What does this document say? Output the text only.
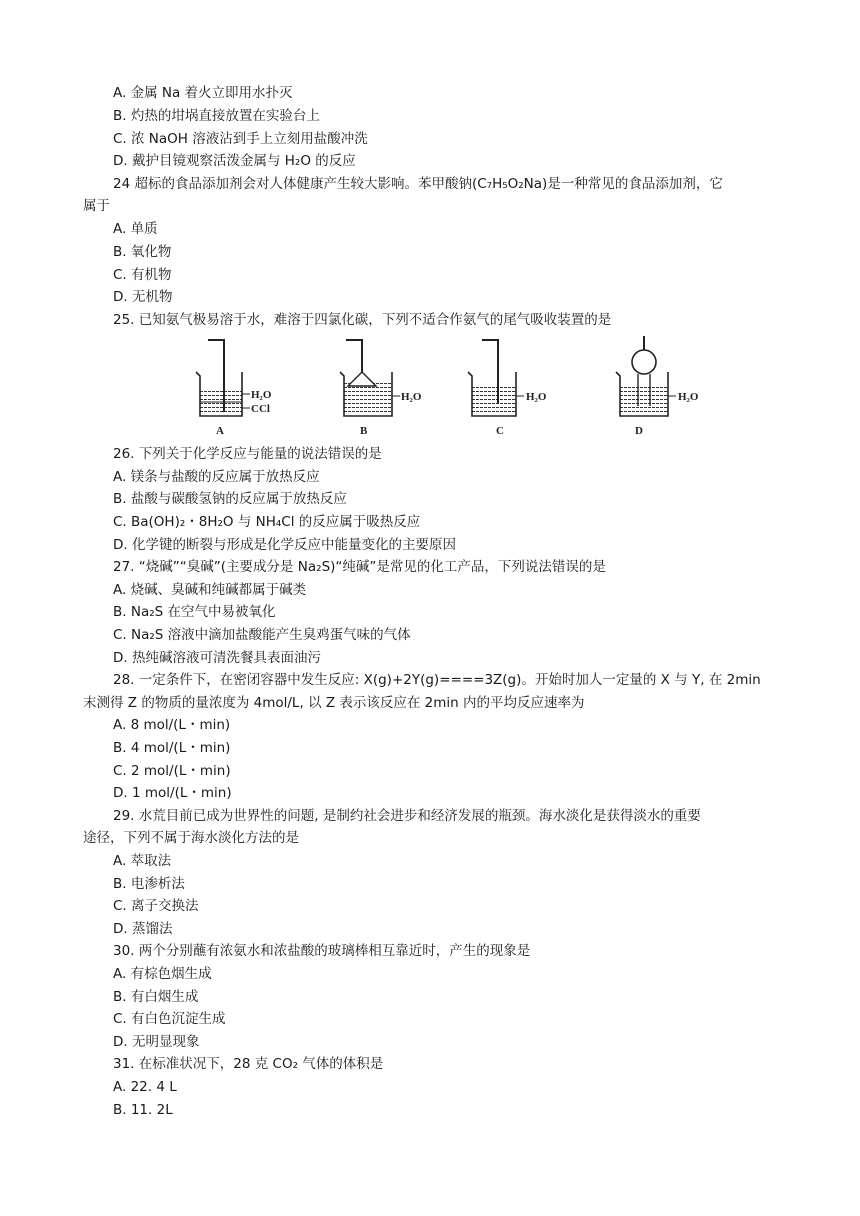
A. 金属 Na 着火立即用水扑灭
B. 灼热的坩埚直接放置在实验台上
C. 浓 NaOH 溶液沾到手上立刻用盐酸冲洗
D. 戴护目镜观察活泼金属与 H₂O 的反应
24 超标的食品添加剂会对人体健康产生较大影响。苯甲酸钠(C₇H₅O₂Na)是一种常见的食品添加剂，它
属于
A. 单质
B. 氧化物
C. 有机物
D. 无机物
25. 已知氨气极易溶于水，难溶于四氯化碳，下列不适合作氨气的尾气吸收装置的是
H₂O
CCl
A
H₂O
B
H₂O
C
H₂O
D
26. 下列关于化学反应与能量的说法错误的是
A. 镁条与盐酸的反应属于放热反应
B. 盐酸与碳酸氢钠的反应属于放热反应
C. Ba(OH)₂・8H₂O 与 NH₄Cl 的反应属于吸热反应
D. 化学键的断裂与形成是化学反应中能量变化的主要原因
27. “烧碱”“臭碱”(主要成分是 Na₂S)“纯碱”是常见的化工产品，下列说法错误的是
A. 烧碱、臭碱和纯碱都属于碱类
B. Na₂S 在空气中易被氧化
C. Na₂S 溶液中滴加盐酸能产生臭鸡蛋气味的气体
D. 热纯碱溶液可清洗餐具表面油污
28. 一定条件下，在密闭容器中发生反应: X(g)+2Y(g)====3Z(g)。开始时加人一定量的 X 与 Y, 在 2min
末测得 Z 的物质的量浓度为 4mol/L, 以 Z 表示该反应在 2min 内的平均反应速率为
A. 8 mol/(L・min)
B. 4 mol/(L・min)
C. 2 mol/(L・min)
D. 1 mol/(L・min)
29. 水荒目前已成为世界性的问题, 是制约社会进步和经济发展的瓶颈。海水淡化是获得淡水的重要
途径，下列不属于海水淡化方法的是
A. 萃取法
B. 电渗析法
C. 离子交换法
D. 蒸馏法
30. 两个分别蘸有浓氨水和浓盐酸的玻璃棒相互靠近时，产生的现象是
A. 有棕色烟生成
B. 有白烟生成
C. 有白色沉淀生成
D. 无明显现象
31. 在标准状况下，28 克 CO₂ 气体的体积是
A. 22. 4 L
B. 11. 2L
